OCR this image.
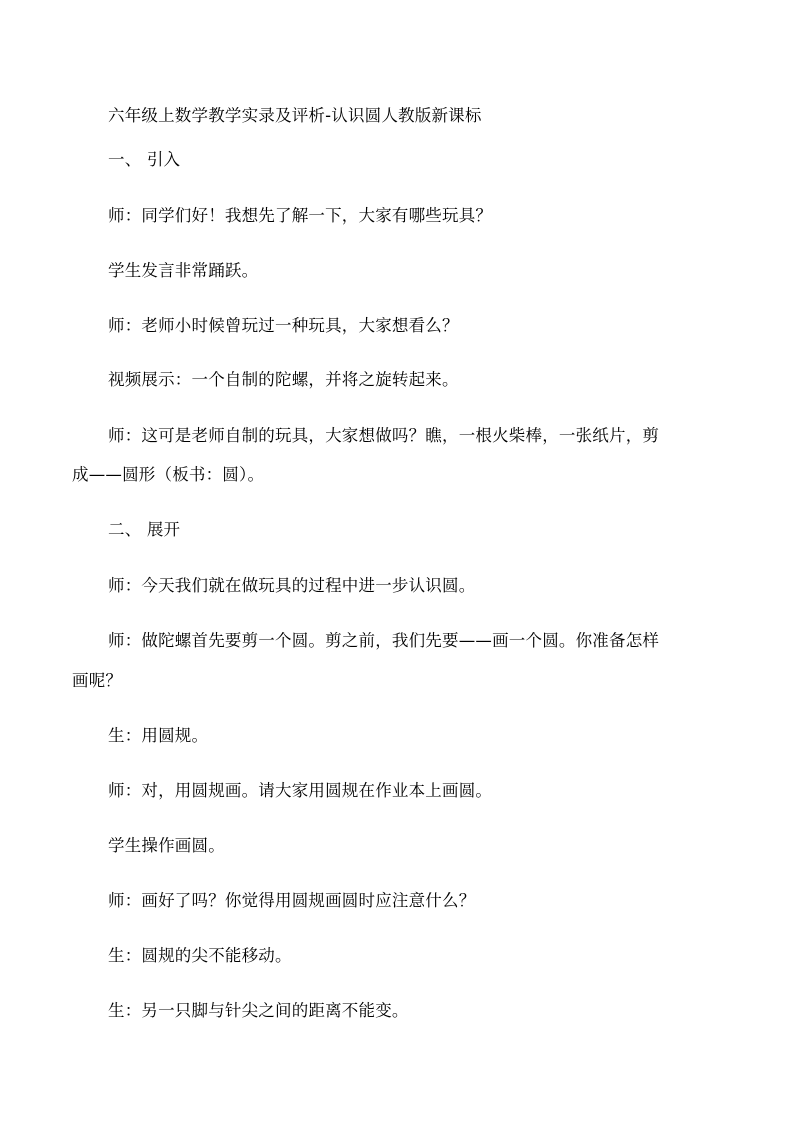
六年级上数学教学实录及评析-认识圆人教版新课标
一、 引入
师：同学们好！我想先了解一下，大家有哪些玩具？
学生发言非常踊跃。
师：老师小时候曾玩过一种玩具，大家想看么？
视频展示：一个自制的陀螺，并将之旋转起来。
师：这可是老师自制的玩具，大家想做吗？瞧，一根火柴棒，一张纸片，剪
成——圆形（板书：圆）。
二、 展开
师：今天我们就在做玩具的过程中进一步认识圆。
师：做陀螺首先要剪一个圆。剪之前，我们先要——画一个圆。你准备怎样
画呢？
生：用圆规。
师：对，用圆规画。请大家用圆规在作业本上画圆。
学生操作画圆。
师：画好了吗？你觉得用圆规画圆时应注意什么？
生：圆规的尖不能移动。
生：另一只脚与针尖之间的距离不能变。
